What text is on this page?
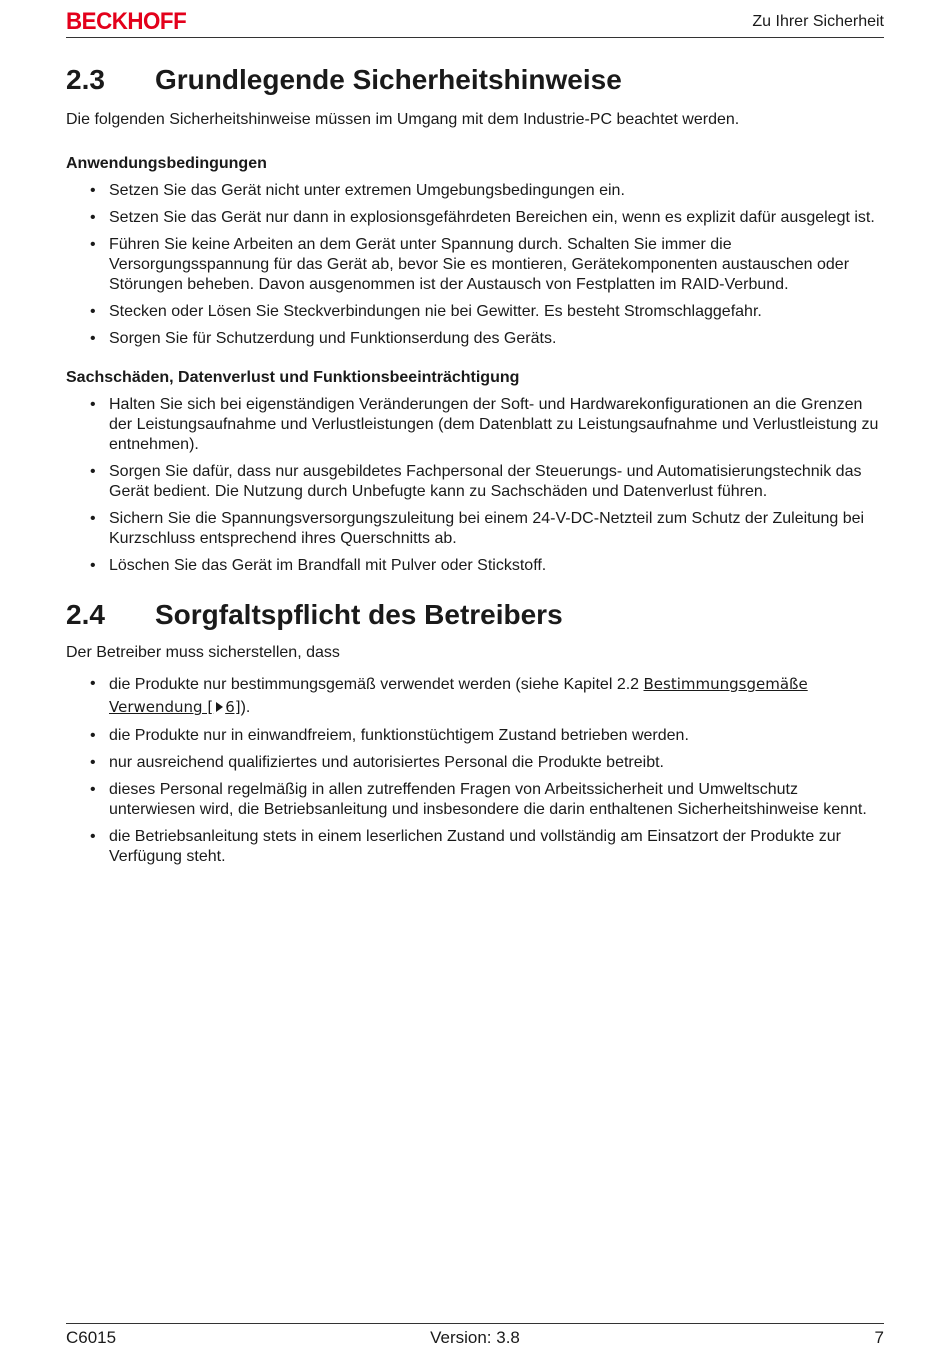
BECKHOFF	Zu Ihrer Sicherheit
2.3	Grundlegende Sicherheitshinweise

Die folgenden Sicherheitshinweise müssen im Umgang mit dem Industrie-PC beachtet werden.

Anwendungsbedingungen
• Setzen Sie das Gerät nicht unter extremen Umgebungsbedingungen ein.
• Setzen Sie das Gerät nur dann in explosionsgefährdeten Bereichen ein, wenn es explizit dafür ausgelegt ist.
• Führen Sie keine Arbeiten an dem Gerät unter Spannung durch. Schalten Sie immer die Versorgungsspannung für das Gerät ab, bevor Sie es montieren, Gerätekomponenten austauschen oder Störungen beheben. Davon ausgenommen ist der Austausch von Festplatten im RAID-Verbund.
• Stecken oder Lösen Sie Steckverbindungen nie bei Gewitter. Es besteht Stromschlaggefahr.
• Sorgen Sie für Schutzerdung und Funktionserdung des Geräts.
Sachschäden, Datenverlust und Funktionsbeeinträchtigung
• Halten Sie sich bei eigenständigen Veränderungen der Soft- und Hardwarekonfigurationen an die Grenzen der Leistungsaufnahme und Verlustleistungen (dem Datenblatt zu Leistungsaufnahme und Verlustleistung zu entnehmen).
• Sorgen Sie dafür, dass nur ausgebildetes Fachpersonal der Steuerungs- und Automatisierungstechnik das Gerät bedient. Die Nutzung durch Unbefugte kann zu Sachschäden und Datenverlust führen.
• Sichern Sie die Spannungsversorgungszuleitung bei einem 24-V-DC-Netzteil zum Schutz der Zuleitung bei Kurzschluss entsprechend ihres Querschnitts ab.
• Löschen Sie das Gerät im Brandfall mit Pulver oder Stickstoff.
2.4	Sorgfaltspflicht des Betreibers

Der Betreiber muss sicherstellen, dass

• die Produkte nur bestimmungsgemäß verwendet werden (siehe Kapitel 2.2 Bestimmungsgemäße Verwendung [ 6]).
• die Produkte nur in einwandfreiem, funktionstüchtigem Zustand betrieben werden.
• nur ausreichend qualifiziertes und autorisiertes Personal die Produkte betreibt.
• dieses Personal regelmäßig in allen zutreffenden Fragen von Arbeitssicherheit und Umweltschutz unterwiesen wird, die Betriebsanleitung und insbesondere die darin enthaltenen Sicherheitshinweise kennt.
• die Betriebsanleitung stets in einem leserlichen Zustand und vollständig am Einsatzort der Produkte zur Verfügung steht.
C6015	Version: 3.8	7
